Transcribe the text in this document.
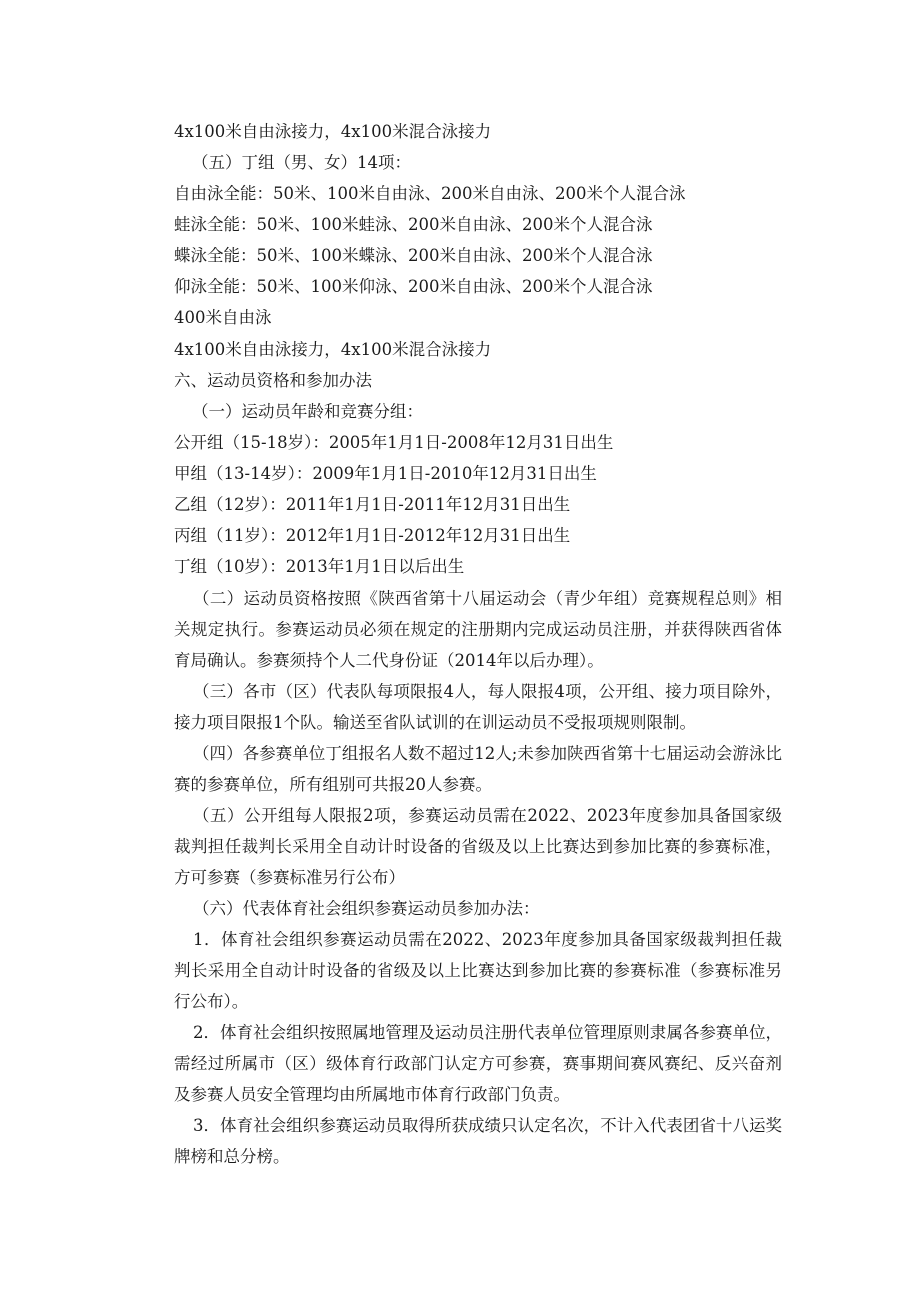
4x100米自由泳接力，4x100米混合泳接力
（五）丁组（男、女）14项：
自由泳全能：50米、100米自由泳、200米自由泳、200米个人混合泳
蛙泳全能：50米、100米蛙泳、200米自由泳、200米个人混合泳
蝶泳全能：50米、100米蝶泳、200米自由泳、200米个人混合泳
仰泳全能：50米、100米仰泳、200米自由泳、200米个人混合泳
400米自由泳
4x100米自由泳接力，4x100米混合泳接力
六、运动员资格和参加办法
（一）运动员年龄和竞赛分组：
公开组（15-18岁）：2005年1月1日-2008年12月31日出生
甲组（13-14岁）：2009年1月1日-2010年12月31日出生
乙组（12岁）：2011年1月1日-2011年12月31日出生
丙组（11岁）：2012年1月1日-2012年12月31日出生
丁组（10岁）：2013年1月1日以后出生
（二）运动员资格按照《陕西省第十八届运动会（青少年组）竞赛规程总则》相关规定执行。参赛运动员必须在规定的注册期内完成运动员注册，并获得陕西省体育局确认。参赛须持个人二代身份证（2014年以后办理）。
（三）各市（区）代表队每项限报4人，每人限报4项，公开组、接力项目除外，接力项目限报1个队。输送至省队试训的在训运动员不受报项规则限制。
（四）各参赛单位丁组报名人数不超过12人;未参加陕西省第十七届运动会游泳比赛的参赛单位，所有组别可共报20人参赛。
（五）公开组每人限报2项，参赛运动员需在2022、2023年度参加具备国家级裁判担任裁判长采用全自动计时设备的省级及以上比赛达到参加比赛的参赛标准，方可参赛（参赛标准另行公布）
（六）代表体育社会组织参赛运动员参加办法：
1．体育社会组织参赛运动员需在2022、2023年度参加具备国家级裁判担任裁判长采用全自动计时设备的省级及以上比赛达到参加比赛的参赛标准（参赛标准另行公布）。
2．体育社会组织按照属地管理及运动员注册代表单位管理原则隶属各参赛单位，需经过所属市（区）级体育行政部门认定方可参赛，赛事期间赛风赛纪、反兴奋剂及参赛人员安全管理均由所属地市体育行政部门负责。
3．体育社会组织参赛运动员取得所获成绩只认定名次，不计入代表团省十八运奖牌榜和总分榜。
